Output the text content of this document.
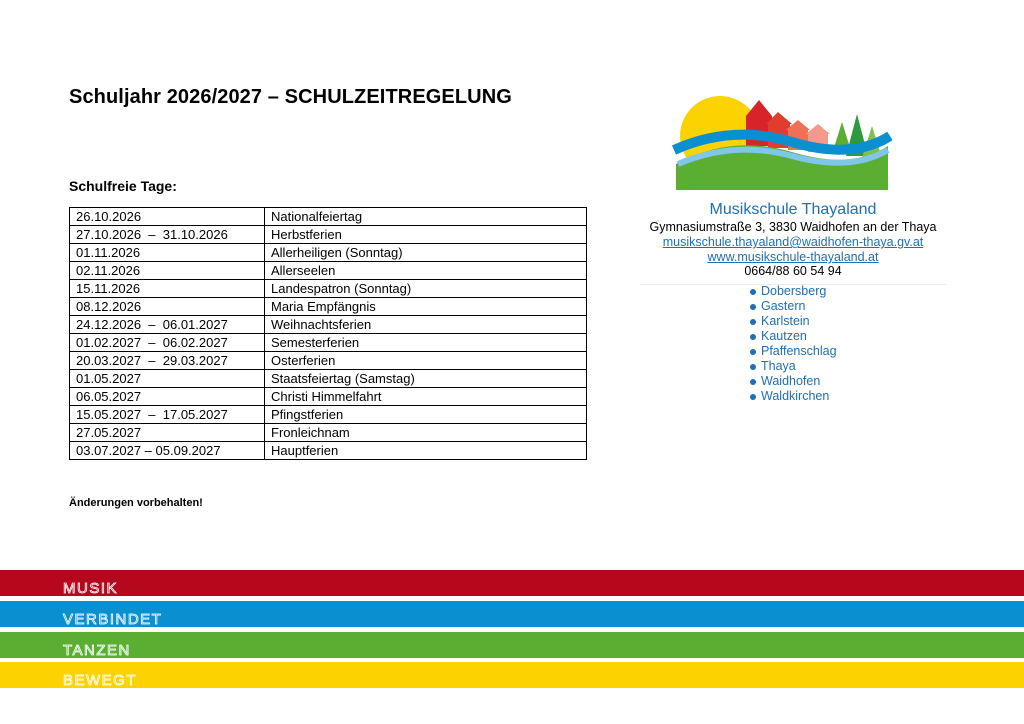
Schuljahr 2026/2027 – SCHULZEITREGELUNG
Schulfreie Tage:
26.10.2026	Nationalfeiertag
27.10.2026  –  31.10.2026	Herbstferien
01.11.2026	Allerheiligen (Sonntag)
02.11.2026	Allerseelen
15.11.2026	Landespatron (Sonntag)
08.12.2026	Maria Empfängnis
24.12.2026  –  06.01.2027	Weihnachtsferien
01.02.2027  –  06.02.2027	Semesterferien
20.03.2027  –  29.03.2027	Osterferien
01.05.2027	Staatsfeiertag (Samstag)
06.05.2027	Christi Himmelfahrt
15.05.2027  –  17.05.2027	Pfingstferien
27.05.2027	Fronleichnam
03.07.2027 – 05.09.2027	Hauptferien
Änderungen vorbehalten!
Musikschule Thayaland
Gymnasiumstraße 3, 3830 Waidhofen an der Thaya
musikschule.thayaland@waidhofen-thaya.gv.at
www.musikschule-thayaland.at
0664/88 60 54 94
Dobersberg
Gastern
Karlstein
Kautzen
Pfaffenschlag
Thaya
Waidhofen
Waldkirchen
MUSIK
VERBINDET
TANZEN
BEWEGT
